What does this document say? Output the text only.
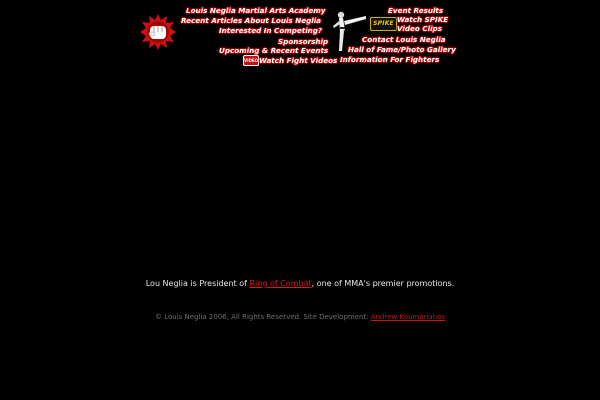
Louis Neglia Martial Arts Academy
Recent Articles About Louis Neglia
Interested In Competing?
Sponsorship
Upcoming & Recent Events
VIDEO Watch Fight Videos
SPIKE
Event Results
Watch SPIKE
Video Clips
Contact Louis Neglia
Hall of Fame/Photo Gallery
Information For Fighters
Lou Neglia is President of Ring of Combat, one of MMA's premier promotions.
© Louis Neglia 2006, All Rights Reserved. Site Development: Andrew Koumarianos
